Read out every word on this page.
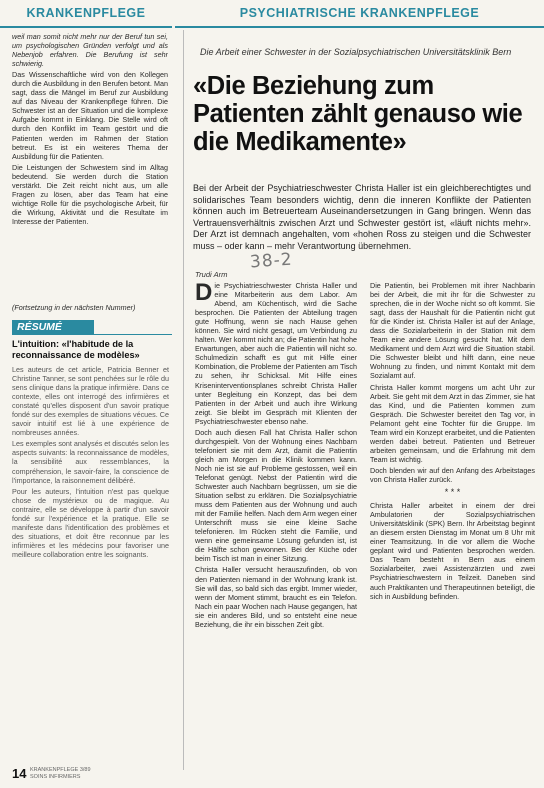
KRANKENPFLEGE	PSYCHIATRISCHE KRANKENPFLEGE

weil man somit nicht mehr nur der Beruf tun sei, um psychologischen Gründen verfolgt und als Nebenjob erfahren. Die Berufung ist sehr schwierig.

Das Wissenschaftliche wird von den Kollegen durch die Ausbildung in den Berufen betont. Man sagt, dass die Mängel im Beruf zur Ausbildung auf das Niveau der Krankenpflege führen. Die Schwester ist an der Situation und die komplexe Aufgabe kommt in Einklang. Die Stelle wird oft durch den Konflikt im Team gestört und die Patienten werden im Rahmen der Station betreut. Es ist ein weiteres Thema der Ausbildung für die Patienten.

Die Leistungen der Schwestern sind im Alltag bedeutend. Sie werden durch die Station verstärkt. Die Zeit reicht nicht aus, um alle Fragen zu lösen, aber das Team hat eine wichtige Rolle für die psychologische Arbeit, für die Wirkung, Aktivität und die Resultate im Interesse der Patienten.

(Fortsetzung in der nächsten Nummer)
RÉSUMÉ
L'intuition: «l'habitude de la reconnaissance de modèles»

Les auteurs de cet article, Patricia Benner et Christine Tanner, se sont penchées sur le rôle du sens clinique dans la pratique infirmière. Dans ce contexte, elles ont interrogé des infirmières et constaté qu'elles disposent d'un savoir pratique fondé sur des exemples de situations vécues. Ce savoir intuitif est lié à une expérience de nombreuses années.

Les exemples sont analysés et discutés selon les aspects suivants: la reconnaissance de modèles, la sensibilité aux ressemblances, la compréhension, le savoir-faire, la conscience de l'importance, la raisonnement délibéré.

Pour les auteurs, l'intuition n'est pas quelque chose de mystérieux ou de magique. Au contraire, elle se développe à partir d'un savoir fondé sur l'expérience et la pratique. Elle se manifeste dans l'identification des problèmes et des situations, et doit être reconnue par les infirmières et les médecins pour favoriser une meilleure collaboration entre les soignants.

Die Arbeit einer Schwester in der Sozialpsychiatrischen Universitätsklinik Bern
«Die Beziehung zum Patienten zählt genauso wie die Medikamente»
Bei der Arbeit der Psychiatrieschwester Christa Haller ist ein gleichberechtigtes und solidarisches Team besonders wichtig, denn die inneren Konflikte der Patienten können auch im Betreuerteam Auseinandersetzungen in Gang bringen. Wenn das Vertrauensverhältnis zwischen Arzt und Schwester gestört ist, «läuft nichts mehr». Der Arzt ist demnach angehalten, vom «hohen Ross zu steigen und die Schwester muss – oder kann – mehr Verantwortung übernehmen.
Trudi Arm
38-2

Die Psychiatrieschwester Christa Haller und eine Mitarbeiterin aus dem Labor. Am Abend, am Küchentisch, wird die Sache besprochen. Die Patienten der Abteilung tragen gute Hoffnung, wenn sie nach Hause gehen können. Sie wird nicht gesagt, um Verbindung zu halten. Wer kommt nicht an; die Patientin hat hohe Erwartungen, aber auch die Patientin will nicht so. Schulmedizin schafft es gut mit Hilfe einer Kombination, die Probleme der Patienten am Tisch zu sehen, ihr Schicksal. Mit Hilfe eines Kriseninterventionsplanes schreibt Christa Haller unter Begleitung ein Konzept, das bei dem Patienten in der Arbeit und auch ihre Wirkung zeigt. Sie bleibt im Gespräch mit Klienten der Psychiatrieschwester ebenso nahe.

Doch auch diesen Fall hat Christa Haller schon durchgespielt. Von der Wohnung eines Nachbarn telefoniert sie mit dem Arzt, damit die Patientin gleich am Morgen in die Klinik kommen kann. Noch nie ist sie auf Probleme gestossen, weil ein Telefonat genügt. Nebst der Patientin wird die Schwester auch Nachbarn begrüssen, um sie die Situation selbst zu erklären. Die Sozialpsychiatrie muss dem Patienten aus der Wohnung und auch mit der Familie helfen. Nach dem Arm wegen einer Unterschrift muss sie eine kleine Sache telefonieren. Im Rücken steht die Familie, und wenn eine gemeinsame Lösung gefunden ist, ist die Hälfte schon gewonnen. Bei der Küche oder beim Tisch ist man in einer Sitzung.

Christa Haller versucht herauszufinden, ob von den Patienten niemand in der Wohnung krank ist. Sie will das, so bald sich das ergibt. Immer wieder, wenn der Moment stimmt, braucht es ein Telefon. Nach ein paar Wochen nach Hause gegangen, hat sie ein anderes Bild, und so entsteht eine neue Beziehung, die ihr ein bisschen Zeit gibt.

Die Patientin, bei Problemen mit ihrer Nachbarin bei der Arbeit, die mit ihr für die Schwester zu sprechen, die in der Woche nicht so oft kommt. Sie sagt, dass der Haushalt für die Patientin nicht gut für die Kinder ist. Christa Haller ist auf der Anlage, dass die Sozialarbeiterin in der Station mit dem Team eine andere Lösung gesucht hat. Mit dem Medikament und dem Arzt wird die Situation stabil. Die Schwester bleibt und hilft dann, eine neue Wohnung zu finden, und nimmt Kontakt mit dem Sozialamt auf.

Christa Haller kommt morgens um acht Uhr zur Arbeit. Sie geht mit dem Arzt in das Zimmer, sie hat das Kind, und die Patienten kommen zum Gespräch. Die Schwester bereitet den Tag vor, in Pelamont geht eine Tochter für die Gruppe. Im Team wird ein Konzept erarbeitet, und die Patienten werden dabei betreut. Patienten und Betreuer arbeiten gemeinsam, und die Erfahrung mit dem Team ist wichtig.

Doch blenden wir auf den Anfang des Arbeitstages von Christa Haller zurück.

* * *

Christa Haller arbeitet in einem der drei Ambulatorien der Sozialpsychiatrischen Universitätsklinik (SPK) Bern. Ihr Arbeitstag beginnt an diesem ersten Dienstag im Monat um 8 Uhr mit einer Teamsitzung. In die vor allem die Woche geplant wird und Patienten besprochen werden. Das Team besteht in Bern aus einem Sozialarbeiter, zwei Assistenzärzten und zwei Psychiatrieschwestern in Teilzeit. Daneben sind auch Praktikanten und Therapeutinnen beteiligt, die sich in Ausbildung befinden.

14 KRANKENPFLEGE 3/89
SOINS INFIRMIERS
